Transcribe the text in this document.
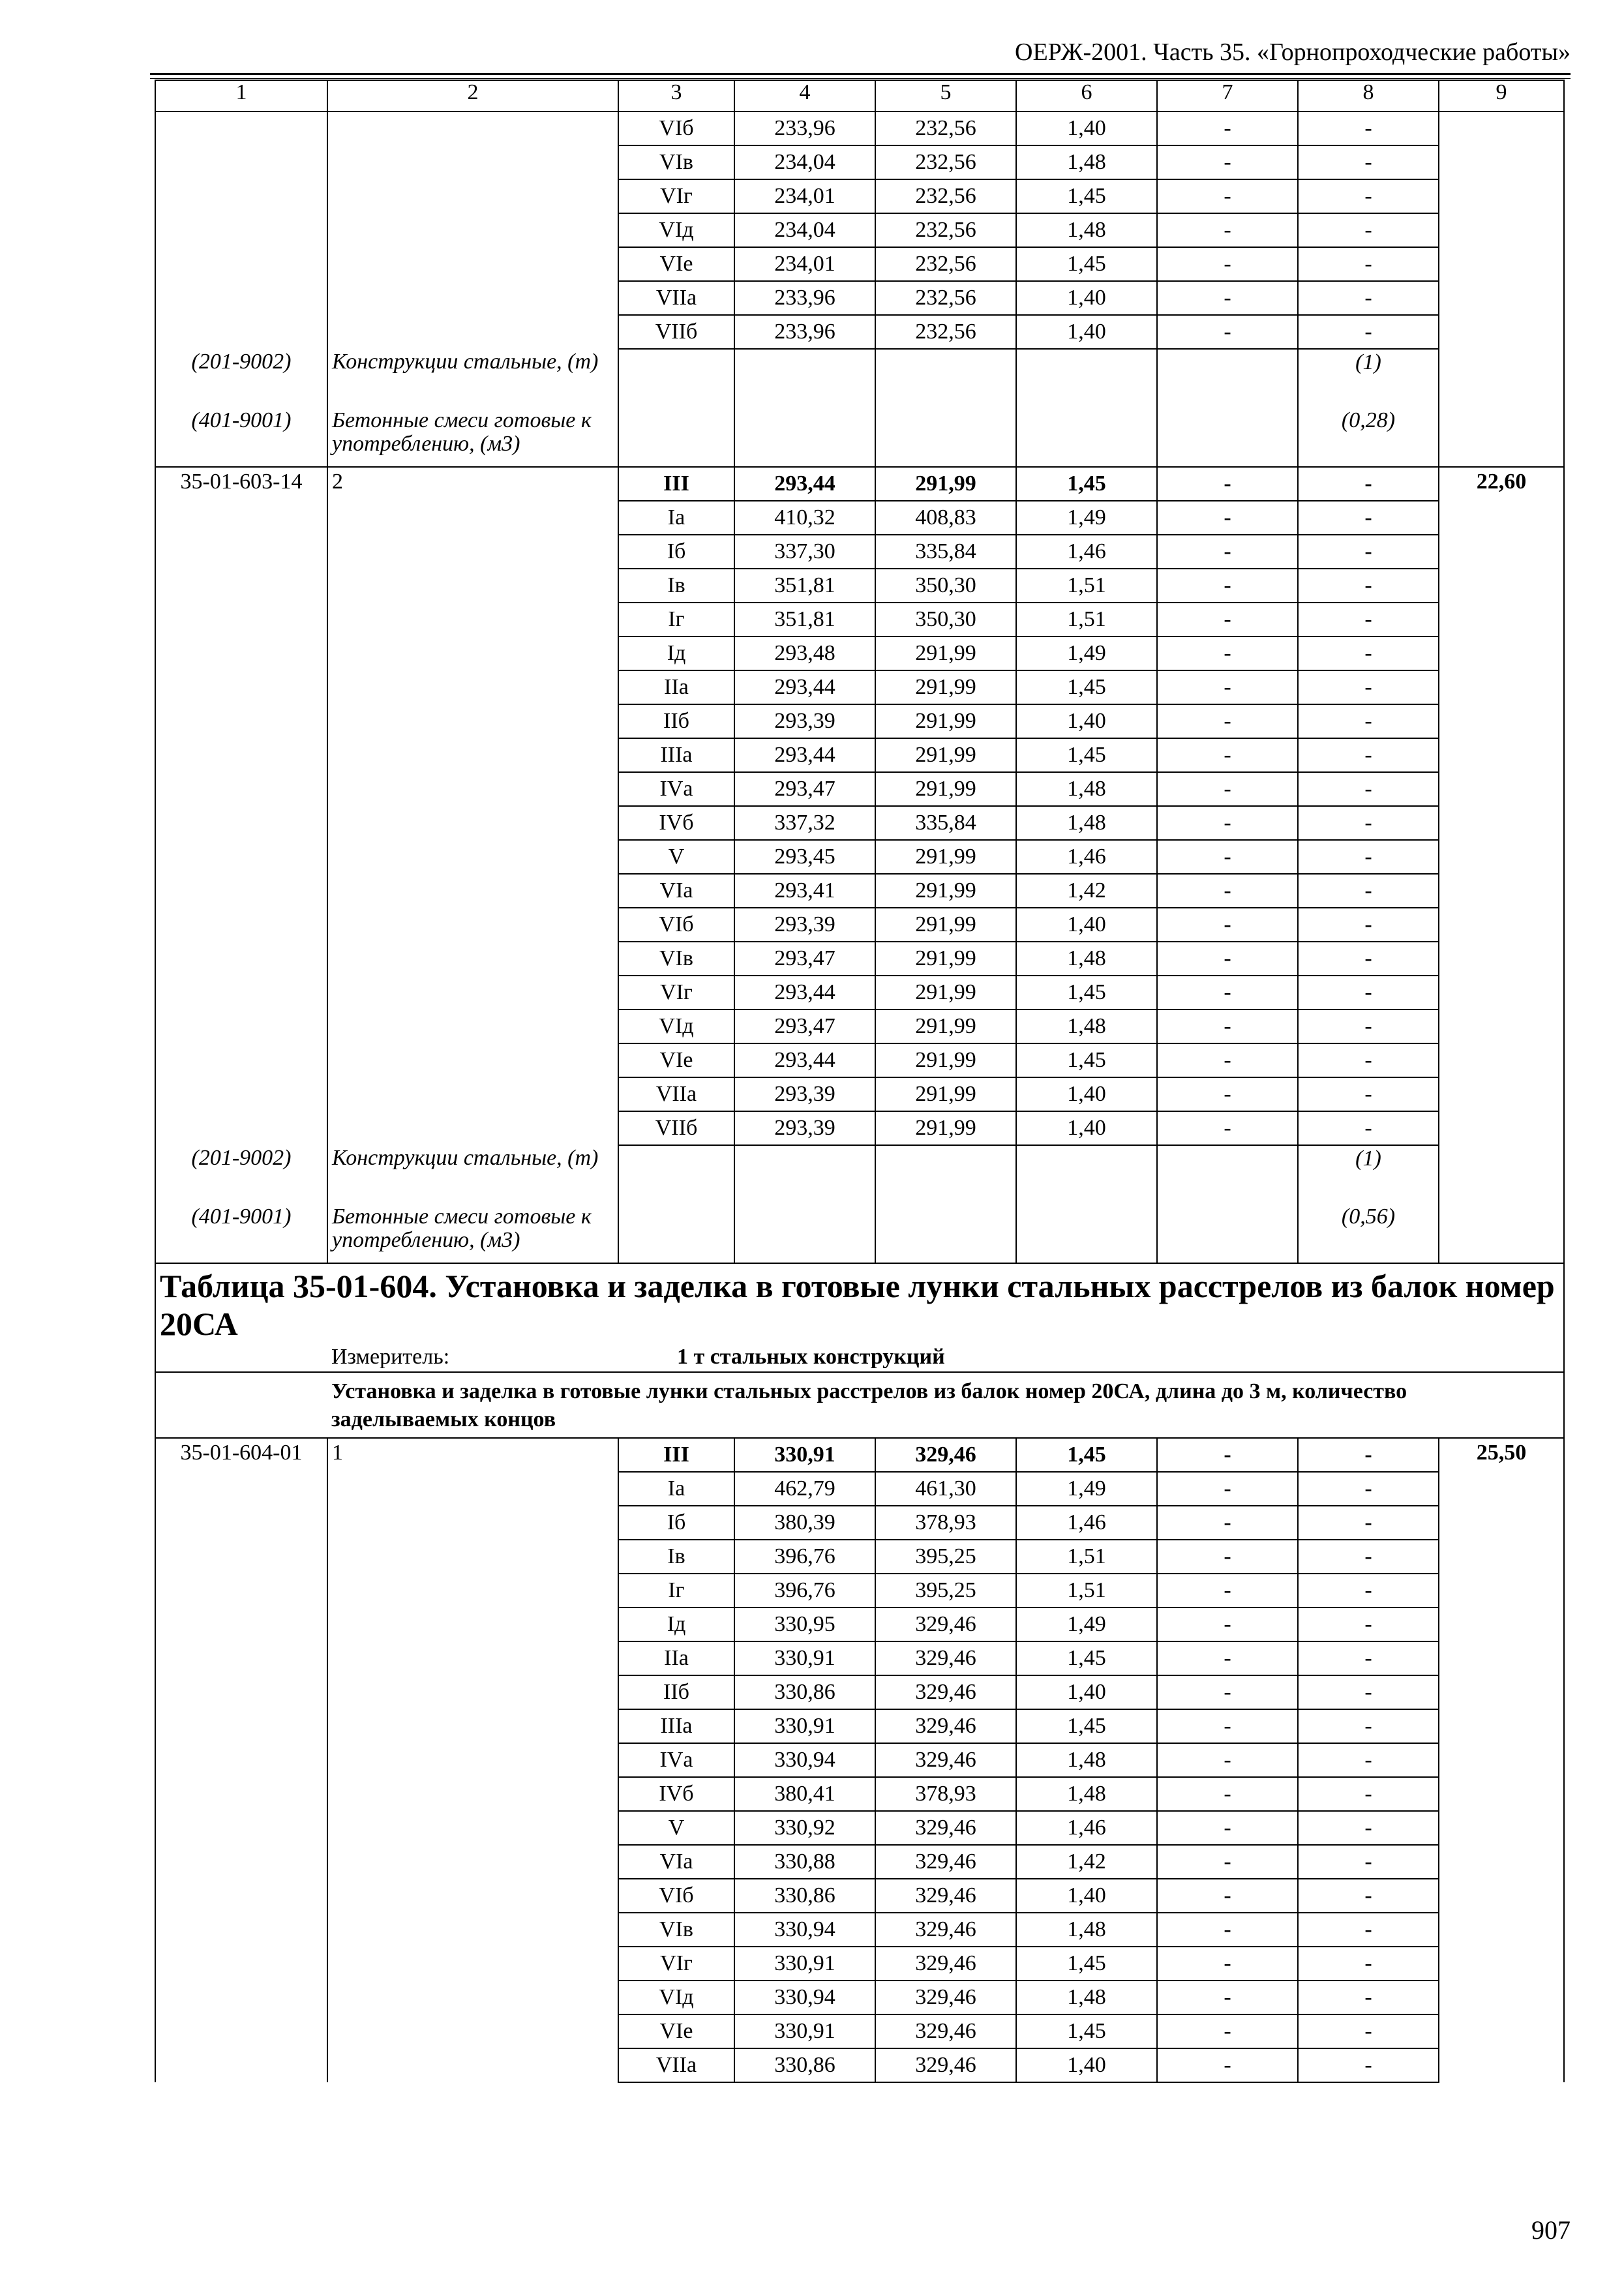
ОЕРЖ-2001. Часть 35. «Горнопроходческие работы»
1	2	3	4	5	6	7	8	9
		VIб	233,96	232,56	1,40	-	-	
		VIв	234,04	232,56	1,48	-	-	
		VIг	234,01	232,56	1,45	-	-	
		VIд	234,04	232,56	1,48	-	-	
		VIе	234,01	232,56	1,45	-	-	
		VIIа	233,96	232,56	1,40	-	-	
		VIIб	233,96	232,56	1,40	-	-	
(201-9002)	Конструкции стальные, (т)						(1)	
(401-9001)	Бетонные смеси готовые к употреблению, (м3)						(0,28)	
35-01-603-14	2	III	293,44	291,99	1,45	-	-	22,60
		Iа	410,32	408,83	1,49	-	-	
		Iб	337,30	335,84	1,46	-	-	
		Iв	351,81	350,30	1,51	-	-	
		Iг	351,81	350,30	1,51	-	-	
		Iд	293,48	291,99	1,49	-	-	
		IIа	293,44	291,99	1,45	-	-	
		IIб	293,39	291,99	1,40	-	-	
		IIIа	293,44	291,99	1,45	-	-	
		IVа	293,47	291,99	1,48	-	-	
		IVб	337,32	335,84	1,48	-	-	
		V	293,45	291,99	1,46	-	-	
		VIа	293,41	291,99	1,42	-	-	
		VIб	293,39	291,99	1,40	-	-	
		VIв	293,47	291,99	1,48	-	-	
		VIг	293,44	291,99	1,45	-	-	
		VIд	293,47	291,99	1,48	-	-	
		VIе	293,44	291,99	1,45	-	-	
		VIIа	293,39	291,99	1,40	-	-	
		VIIб	293,39	291,99	1,40	-	-	
(201-9002)	Конструкции стальные, (т)						(1)	
(401-9001)	Бетонные смеси готовые к употреблению, (м3)						(0,56)	
Таблица 35-01-604. Установка и заделка в готовые лунки стальных расстрелов из балок номер 20СА								
	Измеритель:	1 т стальных конструкций						
	Установка и заделка в готовые лунки стальных расстрелов из балок номер 20СА, длина до 3 м, количество заделываемых концов							
35-01-604-01	1	III	330,91	329,46	1,45	-	-	25,50
		Iа	462,79	461,30	1,49	-	-	
		Iб	380,39	378,93	1,46	-	-	
		Iв	396,76	395,25	1,51	-	-	
		Iг	396,76	395,25	1,51	-	-	
		Iд	330,95	329,46	1,49	-	-	
		IIа	330,91	329,46	1,45	-	-	
		IIб	330,86	329,46	1,40	-	-	
		IIIа	330,91	329,46	1,45	-	-	
		IVа	330,94	329,46	1,48	-	-	
		IVб	380,41	378,93	1,48	-	-	
		V	330,92	329,46	1,46	-	-	
		VIа	330,88	329,46	1,42	-	-	
		VIб	330,86	329,46	1,40	-	-	
		VIв	330,94	329,46	1,48	-	-	
		VIг	330,91	329,46	1,45	-	-	
		VIд	330,94	329,46	1,48	-	-	
		VIе	330,91	329,46	1,45	-	-	
		VIIа	330,86	329,46	1,40	-	-	
907
